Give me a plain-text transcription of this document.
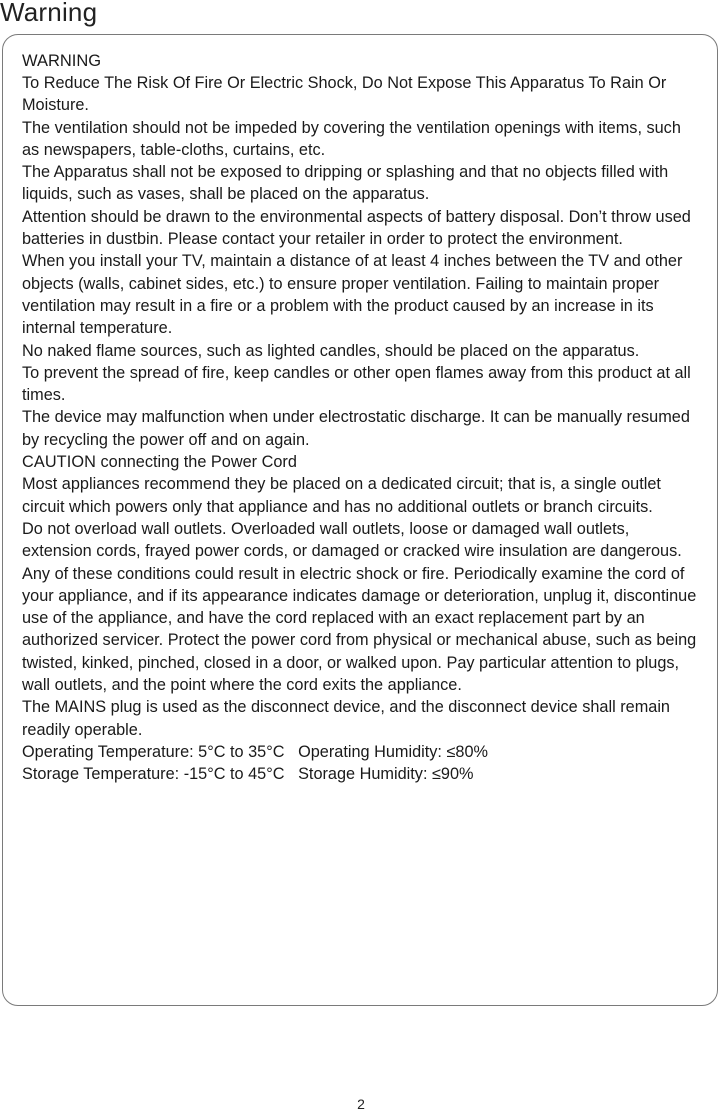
Warning

WARNING

To Reduce The Risk Of Fire Or Electric Shock, Do Not Expose This Apparatus To Rain Or Moisture.

The ventilation should not be impeded by covering the ventilation openings with items, such as newspapers, table-cloths, curtains, etc.

The Apparatus shall not be exposed to dripping or splashing and that no objects filled with liquids, such as vases, shall be placed on the apparatus.

Attention should be drawn to the environmental aspects of battery disposal. Don’t throw used batteries in dustbin. Please contact your retailer in order to protect the environment.

When you install your TV, maintain a distance of at least 4 inches between the TV and other objects (walls, cabinet sides, etc.) to ensure proper ventilation. Failing to maintain proper ventilation may result in a fire or a problem with the product caused by an increase in its internal temperature.

No naked flame sources, such as lighted candles, should be placed on the apparatus.

To prevent the spread of fire, keep candles or other open flames away from this product at all times.

The device may malfunction when under electrostatic discharge. It can be manually resumed by recycling the power off and on again.

CAUTION connecting the Power Cord

Most appliances recommend they be placed on a dedicated circuit; that is, a single outlet circuit which powers only that appliance and has no additional outlets or branch circuits.

Do not overload wall outlets. Overloaded wall outlets, loose or damaged wall outlets, extension cords, frayed power cords, or damaged or cracked wire insulation are dangerous. Any of these conditions could result in electric shock or fire. Periodically examine the cord of your appliance, and if its appearance indicates damage or deterioration, unplug it, discontinue use of the appliance, and have the cord replaced with an exact replacement part by an authorized servicer. Protect the power cord from physical or mechanical abuse, such as being twisted, kinked, pinched, closed in a door, or walked upon. Pay particular attention to plugs, wall outlets, and the point where the cord exits the appliance.

The MAINS plug is used as the disconnect device, and the disconnect device shall remain readily operable.

Operating Temperature: 5°C to 35°C   Operating Humidity: ≤80%

Storage Temperature: -15°C to 45°C   Storage Humidity: ≤90%

2
